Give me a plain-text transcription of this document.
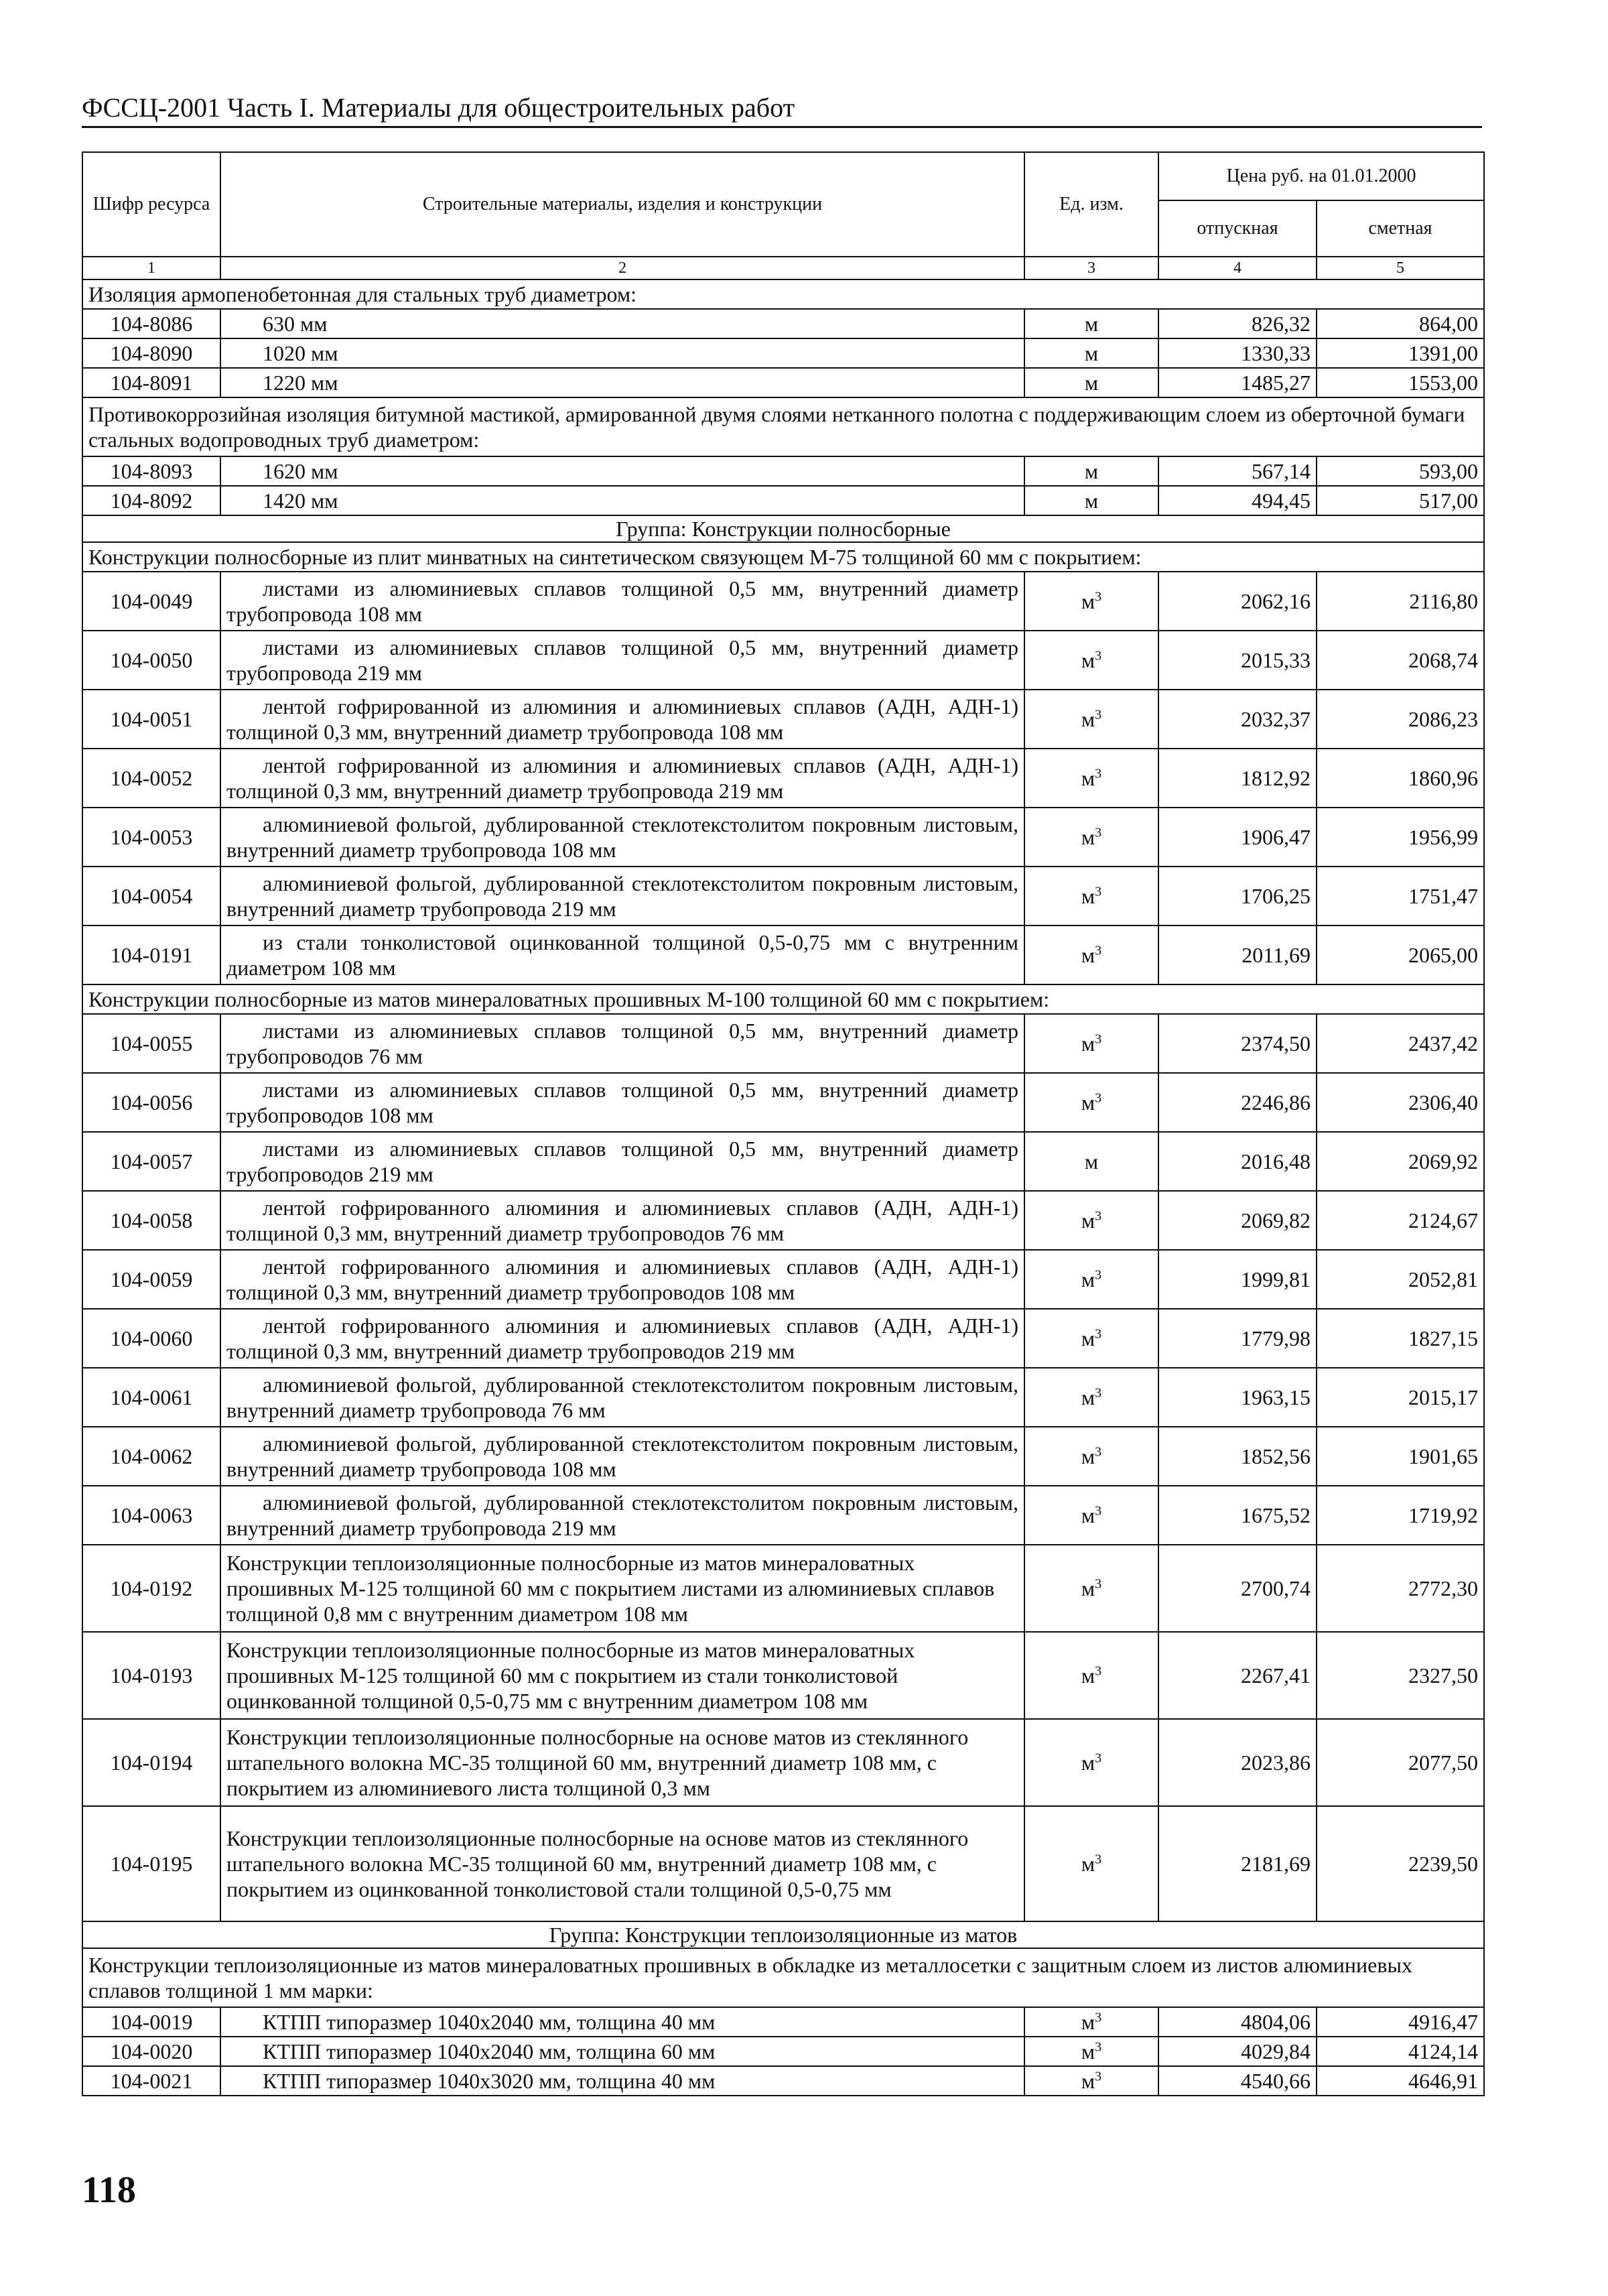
ФССЦ-2001 Часть I. Материалы для общестроительных работ
Шифр ресурса	Строительные материалы, изделия и конструкции	Ед. изм.	Цена руб. на 01.01.2000	
			отпускная	сметная
1	2	3	4	5
Изоляция армопенобетонная для стальных труб диаметром:				
104-8086	630 мм	м	826,32	864,00
104-8090	1020 мм	м	1330,33	1391,00
104-8091	1220 мм	м	1485,27	1553,00
Противокоррозийная изоляция битумной мастикой, армированной двумя слоями нетканного полотна с поддерживающим слоем из оберточной бумаги стальных водопроводных труб диаметром:				
104-8093	1620 мм	м	567,14	593,00
104-8092	1420 мм	м	494,45	517,00
Группа: Конструкции полносборные				
Конструкции полносборные из плит минватных на синтетическом связующем М-75 толщиной 60 мм с покрытием:				
104-0049	листами из алюминиевых сплавов толщиной 0,5 мм, внутренний диаметр трубопровода 108 мм	$м^3$	2062,16	2116,80
104-0050	листами из алюминиевых сплавов толщиной 0,5 мм, внутренний диаметр трубопровода 219 мм	$м^3$	2015,33	2068,74
104-0051	лентой гофрированной из алюминия и алюминиевых сплавов (АДН, АДН-1) толщиной 0,3 мм, внутренний диаметр трубопровода 108 мм	$м^3$	2032,37	2086,23
104-0052	лентой гофрированной из алюминия и алюминиевых сплавов (АДН, АДН-1) толщиной 0,3 мм, внутренний диаметр трубопровода 219 мм	$м^3$	1812,92	1860,96
104-0053	алюминиевой фольгой, дублированной стеклотекстолитом покровным листовым, внутренний диаметр трубопровода 108 мм	$м^3$	1906,47	1956,99
104-0054	алюминиевой фольгой, дублированной стеклотекстолитом покровным листовым, внутренний диаметр трубопровода 219 мм	$м^3$	1706,25	1751,47
104-0191	из стали тонколистовой оцинкованной толщиной 0,5-0,75 мм с внутренним диаметром 108 мм	$м^3$	2011,69	2065,00
Конструкции полносборные из матов минераловатных прошивных М-100 толщиной 60 мм с покрытием:				
104-0055	листами из алюминиевых сплавов толщиной 0,5 мм, внутренний диаметр трубопроводов 76 мм	$м^3$	2374,50	2437,42
104-0056	листами из алюминиевых сплавов толщиной 0,5 мм, внутренний диаметр трубопроводов 108 мм	$м^3$	2246,86	2306,40
104-0057	листами из алюминиевых сплавов толщиной 0,5 мм, внутренний диаметр трубопроводов 219 мм	м	2016,48	2069,92
104-0058	лентой гофрированного алюминия и алюминиевых сплавов (АДН, АДН-1) толщиной 0,3 мм, внутренний диаметр трубопроводов 76 мм	$м^3$	2069,82	2124,67
104-0059	лентой гофрированного алюминия и алюминиевых сплавов (АДН, АДН-1) толщиной 0,3 мм, внутренний диаметр трубопроводов 108 мм	$м^3$	1999,81	2052,81
104-0060	лентой гофрированного алюминия и алюминиевых сплавов (АДН, АДН-1) толщиной 0,3 мм, внутренний диаметр трубопроводов 219 мм	$м^3$	1779,98	1827,15
104-0061	алюминиевой фольгой, дублированной стеклотекстолитом покровным листовым, внутренний диаметр трубопровода 76 мм	$м^3$	1963,15	2015,17
104-0062	алюминиевой фольгой, дублированной стеклотекстолитом покровным листовым, внутренний диаметр трубопровода 108 мм	$м^3$	1852,56	1901,65
104-0063	алюминиевой фольгой, дублированной стеклотекстолитом покровным листовым, внутренний диаметр трубопровода 219 мм	$м^3$	1675,52	1719,92
104-0192	Конструкции теплоизоляционные полносборные из матов минераловатных прошивных М-125 толщиной 60 мм с покрытием листами из алюминиевых сплавов толщиной 0,8 мм с внутренним диаметром 108 мм	$м^3$	2700,74	2772,30
104-0193	Конструкции теплоизоляционные полносборные из матов минераловатных прошивных М-125 толщиной 60 мм с покрытием из стали тонколистовой оцинкованной толщиной 0,5-0,75 мм с внутренним диаметром 108 мм	$м^3$	2267,41	2327,50
104-0194	Конструкции теплоизоляционные полносборные на основе матов из стеклянного штапельного волокна МС-35 толщиной 60 мм, внутренний диаметр 108 мм, с покрытием из алюминиевого листа толщиной 0,3 мм	$м^3$	2023,86	2077,50
104-0195	Конструкции теплоизоляционные полносборные на основе матов из стеклянного штапельного волокна МС-35 толщиной 60 мм, внутренний диаметр 108 мм, с покрытием из оцинкованной тонколистовой стали толщиной 0,5-0,75 мм	$м^3$	2181,69	2239,50
Группа: Конструкции теплоизоляционные из матов				
Конструкции теплоизоляционные из матов минераловатных прошивных в обкладке из металлосетки с защитным слоем из листов алюминиевых сплавов толщиной 1 мм марки:				
104-0019	КТПП типоразмер 1040х2040 мм, толщина 40 мм	$м^3$	4804,06	4916,47
104-0020	КТПП типоразмер 1040х2040 мм, толщина 60 мм	$м^3$	4029,84	4124,14
104-0021	КТПП типоразмер 1040х3020 мм, толщина 40 мм	$м^3$	4540,66	4646,91
118
